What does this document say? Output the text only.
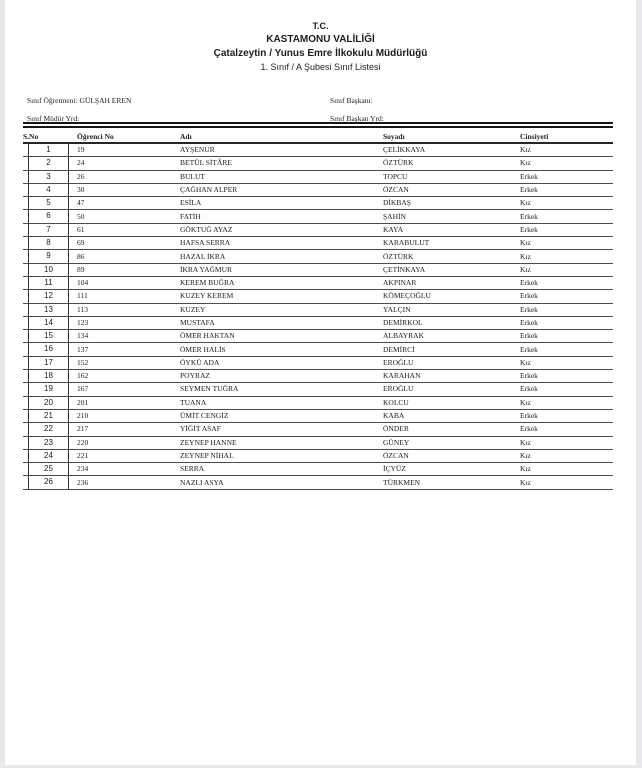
T.C.
KASTAMONU VALİLİĞİ
Çatalzeytin / Yunus Emre İlkokulu Müdürlüğü
1. Sınıf / A Şubesi Sınıf Listesi
Sınıf Öğretmeni: GÜLŞAH EREN	Sınıf Başkanı:
Sınıf Müdür Yrd:	Sınıf Başkan Yrd:
S.No	Öğrenci No	Adı	Soyadı	Cinsiyeti
1	19	AYŞENUR	ÇELİKKAYA	Kız
2	24	BETÜL SİTÂRE	ÖZTÜRK	Kız
3	26	BULUT	TOPCU	Erkek
4	30	ÇAĞHAN ALPER	ÖZCAN	Erkek
5	47	ESİLA	DİKBAŞ	Kız
6	50	FATİH	ŞAHİN	Erkek
7	61	GÖKTUĞ AYAZ	KAYA	Erkek
8	69	HAFSA SERRA	KARABULUT	Kız
9	86	HAZAL İKRA	ÖZTÜRK	Kız
10	89	İKRA YAĞMUR	ÇETİNKAYA	Kız
11	104	KEREM BUĞRA	AKPINAR	Erkek
12	111	KUZEY KEREM	KÖMEÇOĞLU	Erkek
13	113	KUZEY	YALÇIN	Erkek
14	123	MUSTAFA	DEMİRKOL	Erkek
15	134	ÖMER HAKTAN	ALBAYRAK	Erkek
16	137	ÖMER HALİS	DEMİRCİ	Erkek
17	152	ÖYKÜ ADA	EROĞLU	Kız
18	162	POYRAZ	KARAHAN	Erkek
19	167	SEYMEN TUĞRA	EROĞLU	Erkek
20	201	TUANA	KOLCU	Kız
21	210	ÜMİT CENGİZ	KABA	Erkek
22	217	YİĞİT ASAF	ÖNDER	Erkek
23	220	ZEYNEP HANNE	GÜNEY	Kız
24	221	ZEYNEP NİHAL	ÖZCAN	Kız
25	234	SERRA	İÇYÜZ	Kız
26	236	NAZLI ASYA	TÜRKMEN	Kız
